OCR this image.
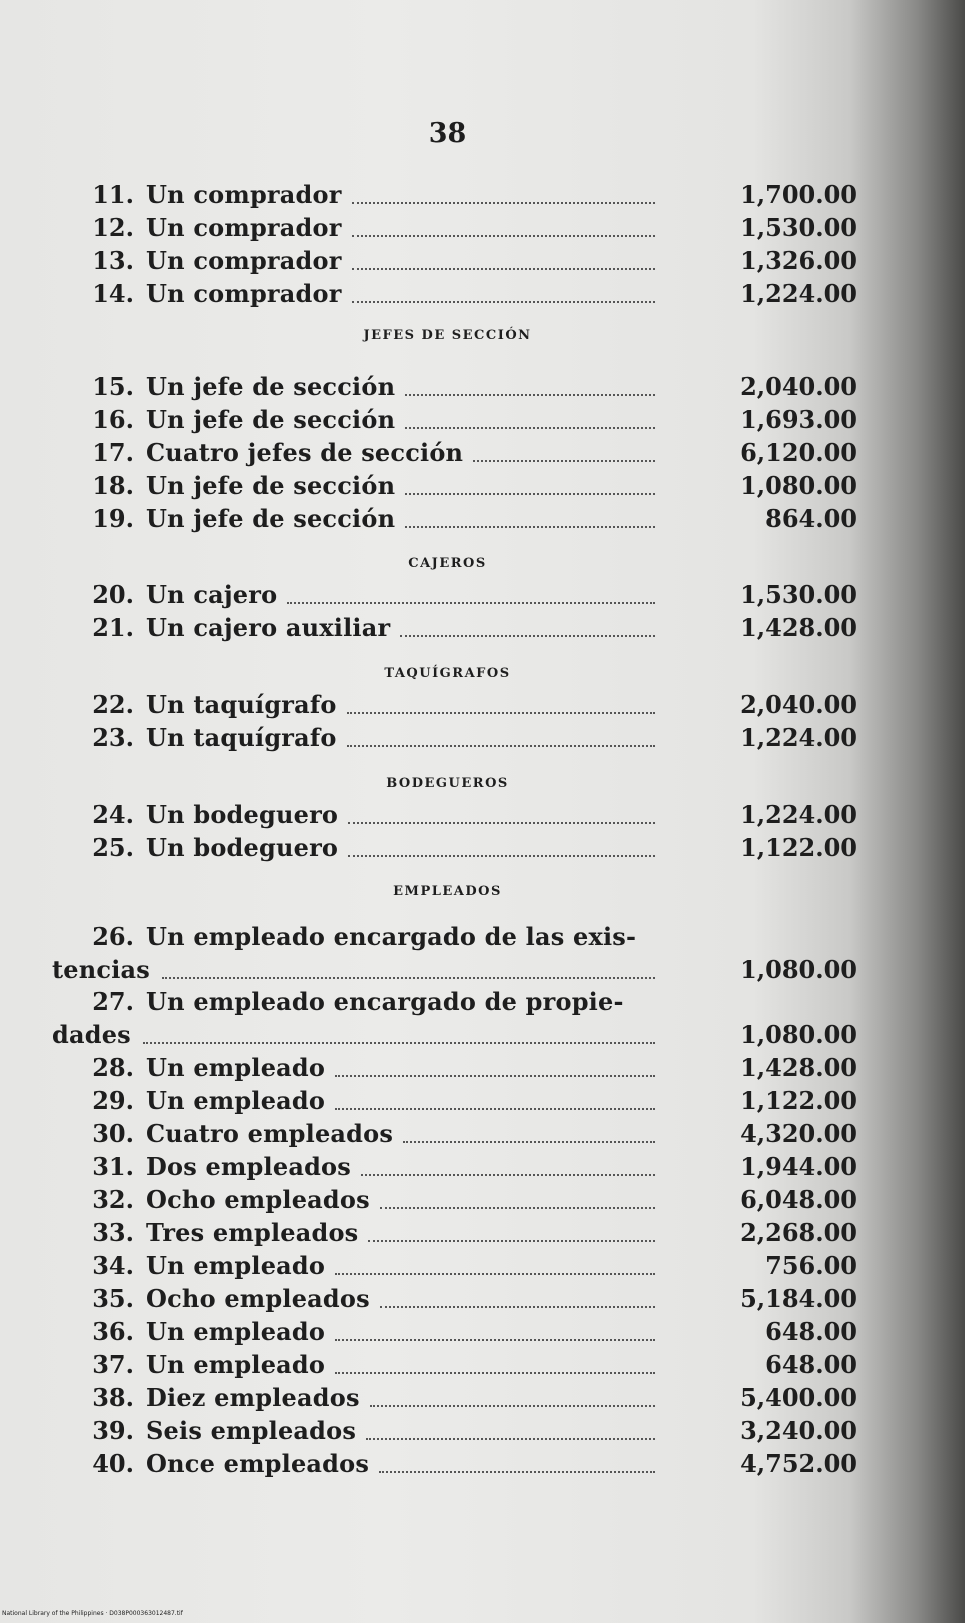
38
11. Un comprador	1,700.00
12. Un comprador	1,530.00
13. Un comprador	1,326.00
14. Un comprador	1,224.00
JEFES DE SECCIÓN
15. Un jefe de sección	2,040.00
16. Un jefe de sección	1,693.00
17. Cuatro jefes de sección	6,120.00
18. Un jefe de sección	1,080.00
19. Un jefe de sección	864.00
CAJEROS
20. Un cajero	1,530.00
21. Un cajero auxiliar	1,428.00
TAQUÍGRAFOS
22. Un taquígrafo	2,040.00
23. Un taquígrafo	1,224.00
BODEGUEROS
24. Un bodeguero	1,224.00
25. Un bodeguero	1,122.00
EMPLEADOS
26. Un empleado encargado de las exis-
tencias	1,080.00
27. Un empleado encargado de propie-
dades	1,080.00
28. Un empleado	1,428.00
29. Un empleado	1,122.00
30. Cuatro empleados	4,320.00
31. Dos empleados	1,944.00
32. Ocho empleados	6,048.00
33. Tres empleados	2,268.00
34. Un empleado	756.00
35. Ocho empleados	5,184.00
36. Un empleado	648.00
37. Un empleado	648.00
38. Diez empleados	5,400.00
39. Seis empleados	3,240.00
40. Once empleados	4,752.00
National Library of the Philippines · D038P000363012487.tif
